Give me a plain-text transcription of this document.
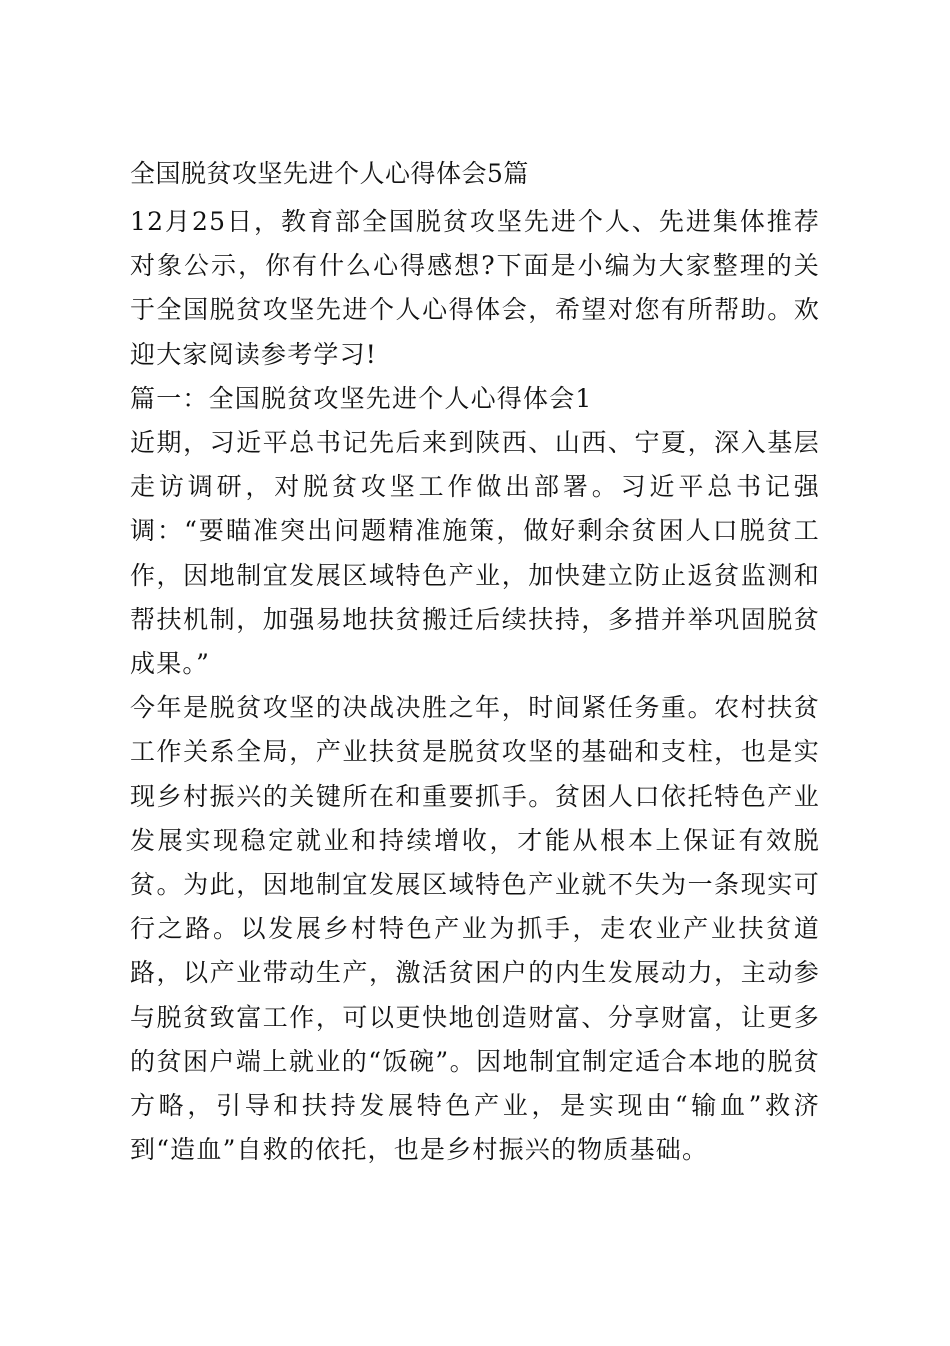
全国脱贫攻坚先进个人心得体会5篇

12月25日，教育部全国脱贫攻坚先进个人、先进集体推荐对象公示，你有什么心得感想?下面是小编为大家整理的关于全国脱贫攻坚先进个人心得体会，希望对您有所帮助。欢迎大家阅读参考学习!

篇一：全国脱贫攻坚先进个人心得体会1

近期，习近平总书记先后来到陕西、山西、宁夏，深入基层走访调研，对脱贫攻坚工作做出部署。习近平总书记强调：“要瞄准突出问题精准施策，做好剩余贫困人口脱贫工作，因地制宜发展区域特色产业，加快建立防止返贫监测和帮扶机制，加强易地扶贫搬迁后续扶持，多措并举巩固脱贫成果。”

今年是脱贫攻坚的决战决胜之年，时间紧任务重。农村扶贫工作关系全局，产业扶贫是脱贫攻坚的基础和支柱，也是实现乡村振兴的关键所在和重要抓手。贫困人口依托特色产业发展实现稳定就业和持续增收，才能从根本上保证有效脱贫。为此，因地制宜发展区域特色产业就不失为一条现实可行之路。以发展乡村特色产业为抓手，走农业产业扶贫道路，以产业带动生产，激活贫困户的内生发展动力，主动参与脱贫致富工作，可以更快地创造财富、分享财富，让更多的贫困户端上就业的“饭碗”。因地制宜制定适合本地的脱贫方略，引导和扶持发展特色产业，是实现由“输血”救济到“造血”自救的依托，也是乡村振兴的物质基础。
